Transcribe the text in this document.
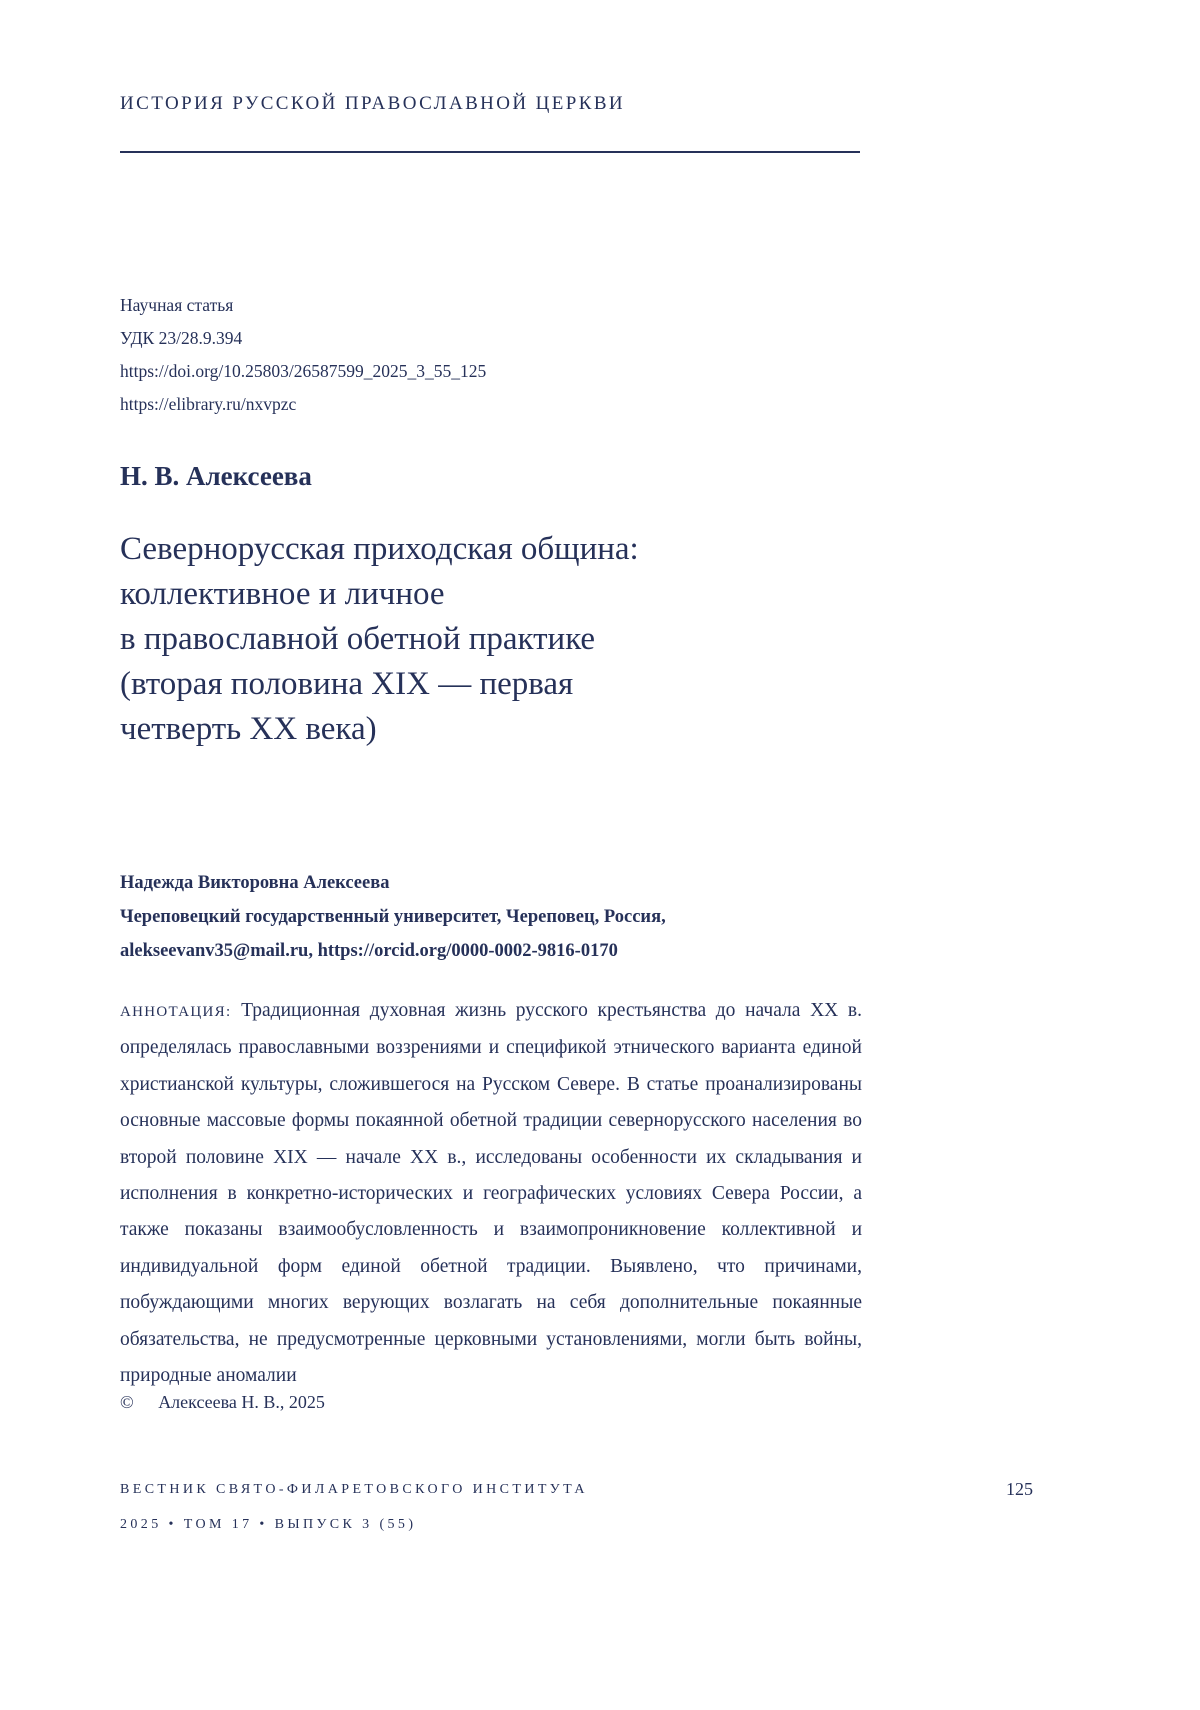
ИСТОРИЯ РУССКОЙ ПРАВОСЛАВНОЙ ЦЕРКВИ
Научная статья
УДК 23/28.9.394
https://doi.org/10.25803/26587599_2025_3_55_125
https://elibrary.ru/nxvpzc
Н. В. Алексеева
Севернорусская приходская община:
коллективное и личное
в православной обетной практике
(вторая половина XIX — первая
четверть XX века)
Надежда Викторовна Алексеева
Череповецкий государственный университет, Череповец, Россия,
alekseevanv35@mail.ru, https://orcid.org/0000-0002-9816-0170

АННОТАЦИЯ: Традиционная духовная жизнь русского крестьянства до начала XX в. определялась православными воззрениями и спецификой этнического варианта единой христианской культуры, сложившегося на Русском Севере. В статье проанализированы основные массовые формы покаянной обетной традиции севернорусского населения во второй половине XIX — начале XX в., исследованы особенности их складывания и исполнения в конкретно-исторических и географических условиях Севера России, а также показаны взаимообусловленность и взаимопроникновение коллективной и индивидуальной форм единой обетной традиции. Выявлено, что причинами, побуждающими многих верующих возлагать на себя дополнительные покаянные обязательства, не предусмотренные церковными установлениями, могли быть войны, природные аномалии

© Алексеева Н. В., 2025
ВЕСТНИК СВЯТО-ФИЛАРЕТОВСКОГО ИНСТИТУТА
2025 • ТОМ 17 • ВЫПУСК 3 (55)
125
